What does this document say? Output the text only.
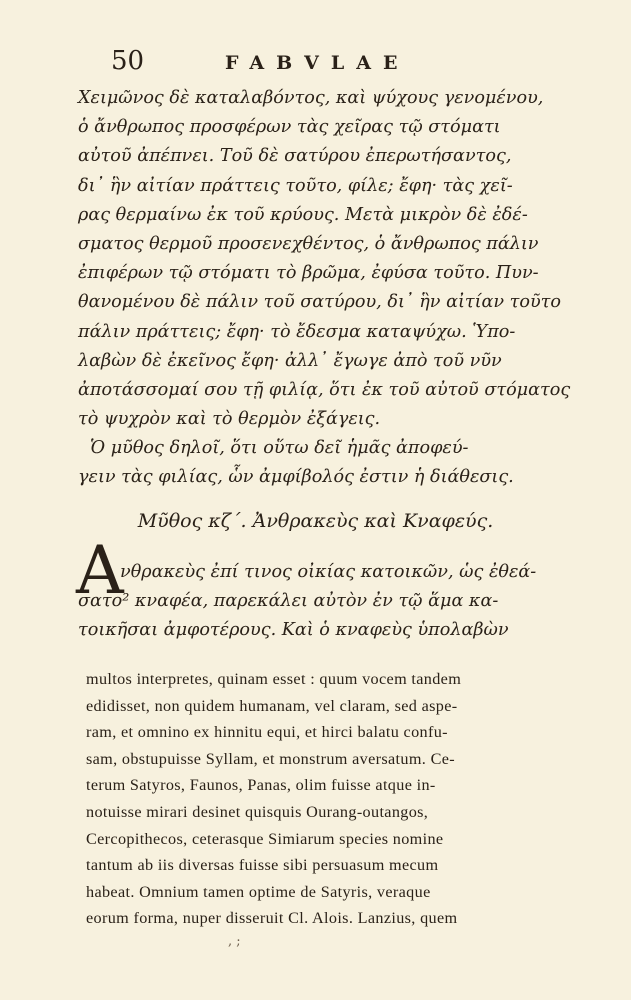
50	FABVLAE
Χειμῶνος δὲ καταλαβόντος, καὶ ψύχους γενομένου,
ὁ ἄνθρωπος προσφέρων τὰς χεῖρας τῷ στόματι
αὐτοῦ ἀπέπνει. Τοῦ δὲ σατύρου ἐπερωτήσαντος,
δι᾽ ἣν αἰτίαν πράττεις τοῦτο, φίλε; ἔφη· τὰς χεῖ-
ρας θερμαίνω ἐκ τοῦ κρύους. Μετὰ μικρὸν δὲ ἐδέ-
σματος θερμοῦ προσενεχθέντος, ὁ ἄνθρωπος πάλιν
ἐπιφέρων τῷ στόματι τὸ βρῶμα, ἐφύσα τοῦτο. Πυν-
θανομένου δὲ πάλιν τοῦ σατύρου, δι᾽ ἣν αἰτίαν τοῦτο
πάλιν πράττεις; ἔφη· τὸ ἔδεσμα καταψύχω. Ὑπο-
λαβὼν δὲ ἐκεῖνος ἔφη· ἀλλ᾽ ἔγωγε ἀπὸ τοῦ νῦν
ἀποτάσσομαί σου τῇ φιλίᾳ, ὅτι ἐκ τοῦ αὐτοῦ στόματος
τὸ ψυχρὸν καὶ τὸ θερμὸν ἐξάγεις.
Ὁ μῦθος δηλοῖ, ὅτι οὕτω δεῖ ἡμᾶς ἀποφεύ-
γειν τὰς φιλίας, ὧν ἀμφίβολός ἐστιν ἡ διάθεσις.
Μῦθος κζ´. Ἀνθρακεὺς καὶ Κναφεύς.
Α
νθρακεὺς ἐπί τινος οἰκίας κατοικῶν, ὡς ἐθεά-
σατο² κναφέα, παρεκάλει αὐτὸν ἐν τῷ ἅμα κα-
τοικῆσαι ἀμφοτέρους. Καὶ ὁ κναφεὺς ὑπολαβὼν
multos interpretes, quinam esset : quum vocem tandem
edidisset, non quidem humanam, vel claram, sed aspe-
ram, et omnino ex hinnitu equi, et hirci balatu confu-
sam, obstupuisse Syllam, et monstrum aversatum. Ce-
terum Satyros, Faunos, Panas, olim fuisse atque in-
notuisse mirari desinet quisquis Ourang-outangos,
Cercopithecos, ceterasque Simiarum species nomine
tantum ab iis diversas fuisse sibi persuasum mecum
habeat. Omnium tamen optime de Satyris, veraque
eorum forma, nuper disseruit Cl. Alois. Lanzius, quem
, ;
